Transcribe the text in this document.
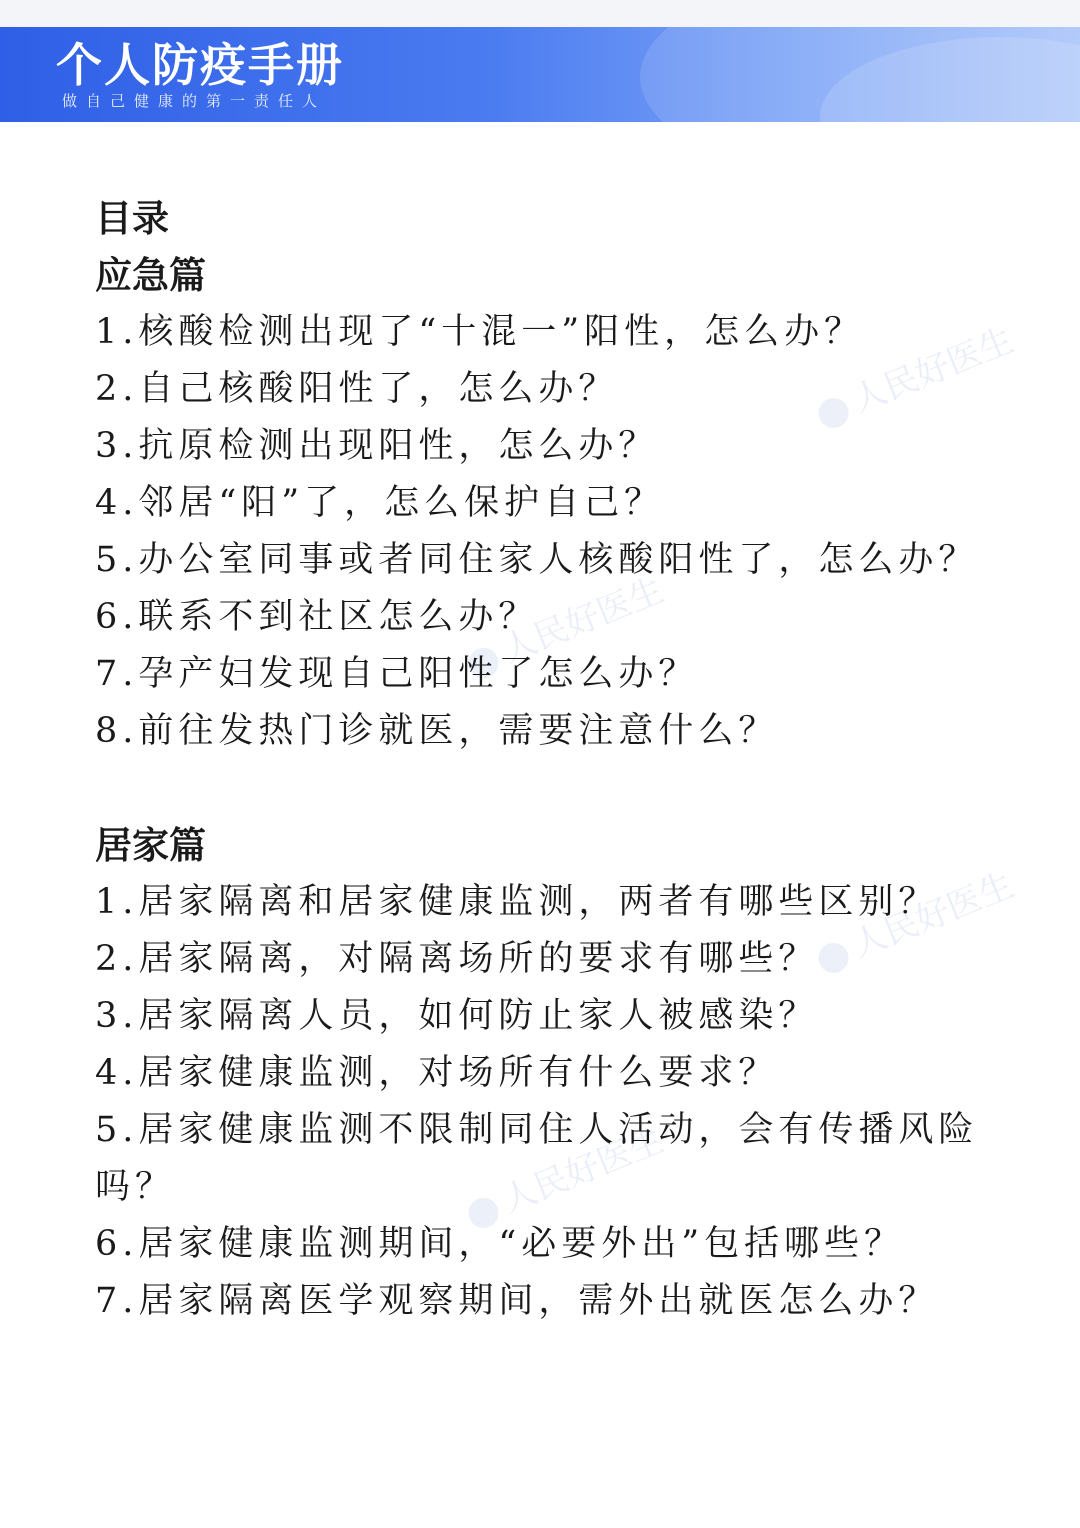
个人防疫手册
做自己健康的第一责任人
人民好医生
人民好医生
人民好医生
人民好医生

目录

应急篇

1.核酸检测出现了“十混一”阳性，怎么办？

2.自己核酸阳性了，怎么办？

3.抗原检测出现阳性，怎么办？

4.邻居“阳”了，怎么保护自己？

5.办公室同事或者同住家人核酸阳性了，怎么办？

6.联系不到社区怎么办？

7.孕产妇发现自己阳性了怎么办？

8.前往发热门诊就医，需要注意什么？

居家篇

1.居家隔离和居家健康监测，两者有哪些区别？

2.居家隔离，对隔离场所的要求有哪些？

3.居家隔离人员，如何防止家人被感染？

4.居家健康监测，对场所有什么要求？

5.居家健康监测不限制同住人活动，会有传播风险吗？

6.居家健康监测期间，“必要外出”包括哪些？

7.居家隔离医学观察期间，需外出就医怎么办？
